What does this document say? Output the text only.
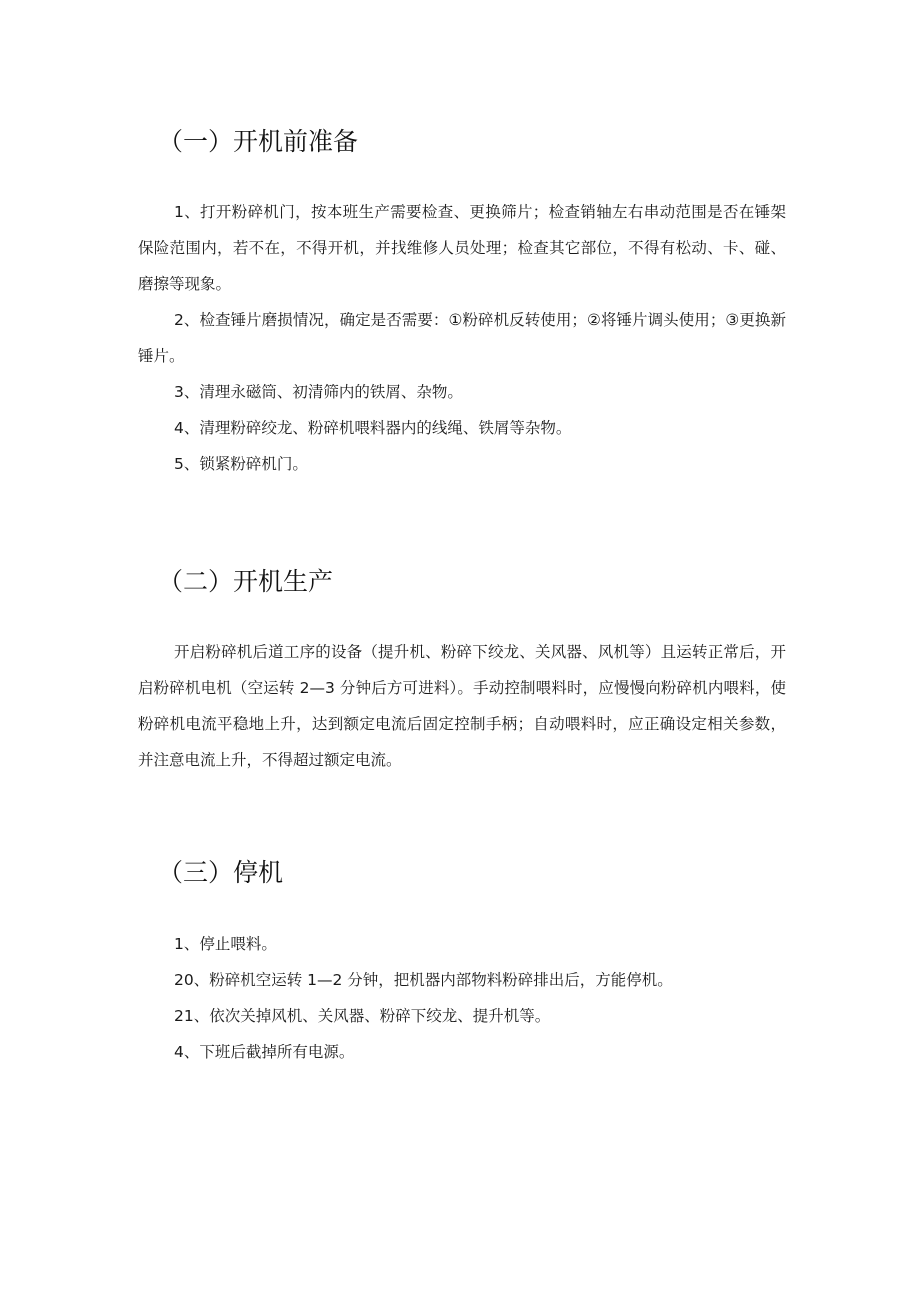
（一）开机前准备

1、打开粉碎机门，按本班生产需要检查、更换筛片；检查销轴左右串动范围是否在锤架保险范围内，若不在，不得开机，并找维修人员处理；检查其它部位，不得有松动、卡、碰、磨擦等现象。

2、检查锤片磨损情况，确定是否需要：①粉碎机反转使用；②将锤片调头使用；③更换新锤片。

3、清理永磁筒、初清筛内的铁屑、杂物。

4、清理粉碎绞龙、粉碎机喂料器内的线绳、铁屑等杂物。

5、锁紧粉碎机门。

（二）开机生产

开启粉碎机后道工序的设备（提升机、粉碎下绞龙、关风器、风机等）且运转正常后，开启粉碎机电机（空运转 2—3 分钟后方可进料）。手动控制喂料时，应慢慢向粉碎机内喂料，使粉碎机电流平稳地上升，达到额定电流后固定控制手柄；自动喂料时，应正确设定相关参数，并注意电流上升，不得超过额定电流。

（三）停机

1、停止喂料。

20、粉碎机空运转 1—2 分钟，把机器内部物料粉碎排出后，方能停机。

21、依次关掉风机、关风器、粉碎下绞龙、提升机等。

4、下班后截掉所有电源。
